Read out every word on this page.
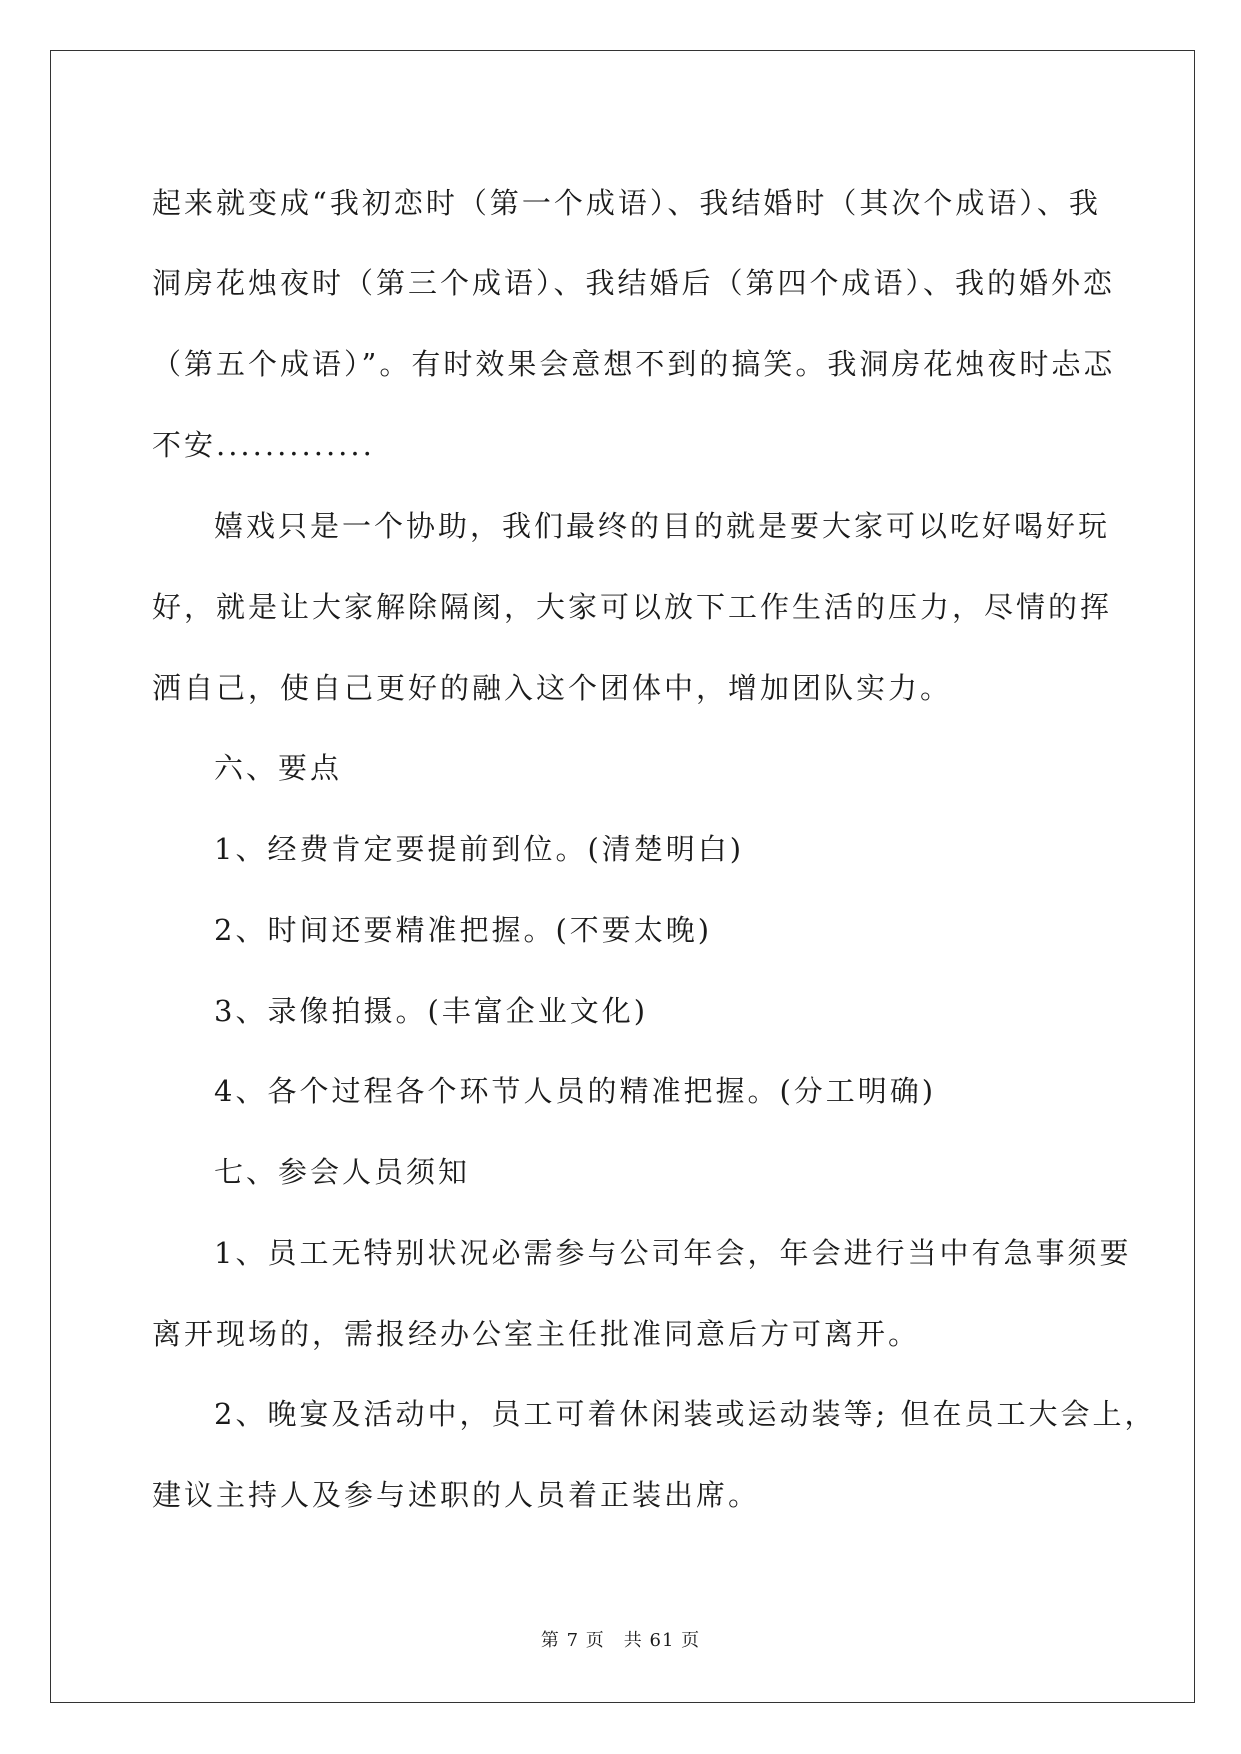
起来就变成“我初恋时（第一个成语）、我结婚时（其次个成语）、我
洞房花烛夜时（第三个成语）、我结婚后（第四个成语）、我的婚外恋
（第五个成语）”。有时效果会意想不到的搞笑。我洞房花烛夜时忐忑
不安.............
嬉戏只是一个协助，我们最终的目的就是要大家可以吃好喝好玩
好，就是让大家解除隔阂，大家可以放下工作生活的压力，尽情的挥
洒自己，使自己更好的融入这个团体中，增加团队实力。
六、要点
1、经费肯定要提前到位。(清楚明白)
2、时间还要精准把握。(不要太晚)
3、录像拍摄。(丰富企业文化)
4、各个过程各个环节人员的精准把握。(分工明确)
七、参会人员须知
1、员工无特别状况必需参与公司年会，年会进行当中有急事须要
离开现场的，需报经办公室主任批准同意后方可离开。
2、晚宴及活动中，员工可着休闲装或运动装等; 但在员工大会上，
建议主持人及参与述职的人员着正装出席。
第 7 页　共 61 页
